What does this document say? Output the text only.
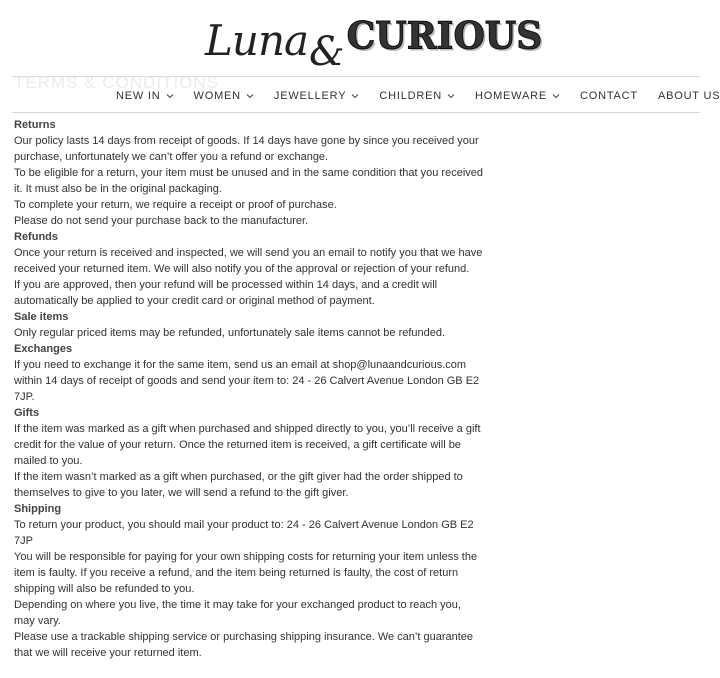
Luna & CURIOUS
TERMS & CONDITIONS
NEW IN	WOMEN	JEWELLERY	CHILDREN	HOMEWARE	CONTACT ABOUT US

Returns

Our policy lasts 14 days from receipt of goods. If 14 days have gone by since you received your purchase, unfortunately we can’t offer you a refund or exchange.

To be eligible for a return, your item must be unused and in the same condition that you received it. It must also be in the original packaging.

To complete your return, we require a receipt or proof of purchase.

Please do not send your purchase back to the manufacturer.

Refunds

Once your return is received and inspected, we will send you an email to notify you that we have received your returned item. We will also notify you of the approval or rejection of your refund.

If you are approved, then your refund will be processed within 14 days, and a credit will automatically be applied to your credit card or original method of payment.

Sale items

Only regular priced items may be refunded, unfortunately sale items cannot be refunded.

Exchanges

If you need to exchange it for the same item, send us an email at shop@lunaandcurious.com within 14 days of receipt of goods and send your item to: 24 - 26 Calvert Avenue London GB E2 7JP.

Gifts

If the item was marked as a gift when purchased and shipped directly to you, you’ll receive a gift credit for the value of your return. Once the returned item is received, a gift certificate will be mailed to you.

If the item wasn’t marked as a gift when purchased, or the gift giver had the order shipped to themselves to give to you later, we will send a refund to the gift giver.

Shipping

To return your product, you should mail your product to: 24 - 26 Calvert Avenue London GB E2 7JP

You will be responsible for paying for your own shipping costs for returning your item unless the item is faulty. If you receive a refund, and the item being returned is faulty, the cost of return shipping will also be refunded to you.

Depending on where you live, the time it may take for your exchanged product to reach you, may vary.

Please use a trackable shipping service or purchasing shipping insurance. We can’t guarantee that we will receive your returned item.
